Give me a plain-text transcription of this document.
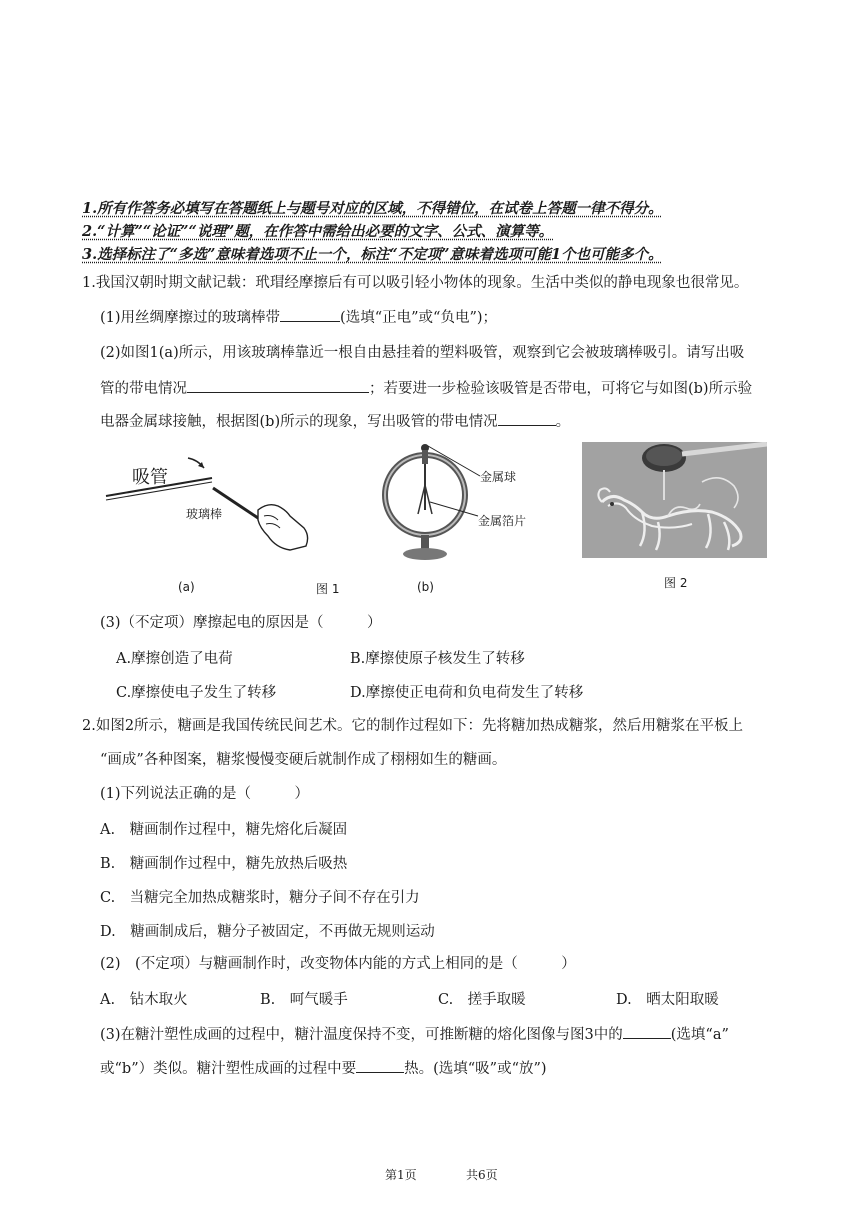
1.所有作答务必填写在答题纸上与题号对应的区域，不得错位，在试卷上答题一律不得分。
2.“计算”“论证”“说理”题，在作答中需给出必要的文字、公式、演算等。
3.选择标注了“多选”意味着选项不止一个，标注“不定项”意味着选项可能1个也可能多个。
1.我国汉朝时期文献记载：玳瑁经摩擦后有可以吸引轻小物体的现象。生活中类似的静电现象也很常见。
(1)用丝绸摩擦过的玻璃棒带	(选填“正电”或“负电”)；
(2)如图1(a)所示，用该玻璃棒靠近一根自由悬挂着的塑料吸管，观察到它会被玻璃棒吸引。请写出吸
管的带电情况	；若要进一步检验该吸管是否带电，可将它与如图(b)所示验
电器金属球接触，根据图(b)所示的现象，写出吸管的带电情况	。
吸管
玻璃棒
金属球
金属箔片
(a)	图 1	(b)	图 2
(3)（不定项）摩擦起电的原因是（　　　）
A.摩擦创造了电荷	B.摩擦使原子核发生了转移
C.摩擦使电子发生了转移	D.摩擦使正电荷和负电荷发生了转移
2.如图2所示，糖画是我国传统民间艺术。它的制作过程如下：先将糖加热成糖浆，然后用糖浆在平板上
“画成”各种图案，糖浆慢慢变硬后就制作成了栩栩如生的糖画。
(1)下列说法正确的是（　　　）
A.　糖画制作过程中，糖先熔化后凝固
B.　糖画制作过程中，糖先放热后吸热
C.　当糖完全加热成糖浆时，糖分子间不存在引力
D.　糖画制成后，糖分子被固定，不再做无规则运动
(2)　(不定项）与糖画制作时，改变物体内能的方式上相同的是（　　　）
A.　钻木取火	B.　呵气暖手	C.　搓手取暖	D.　晒太阳取暖
(3)在糖汁塑性成画的过程中，糖汁温度保持不变，可推断糖的熔化图像与图3中的	(选填“a”
或“b”）类似。糖汁塑性成画的过程中要	热。(选填“吸”或“放”)
第1页	共6页
